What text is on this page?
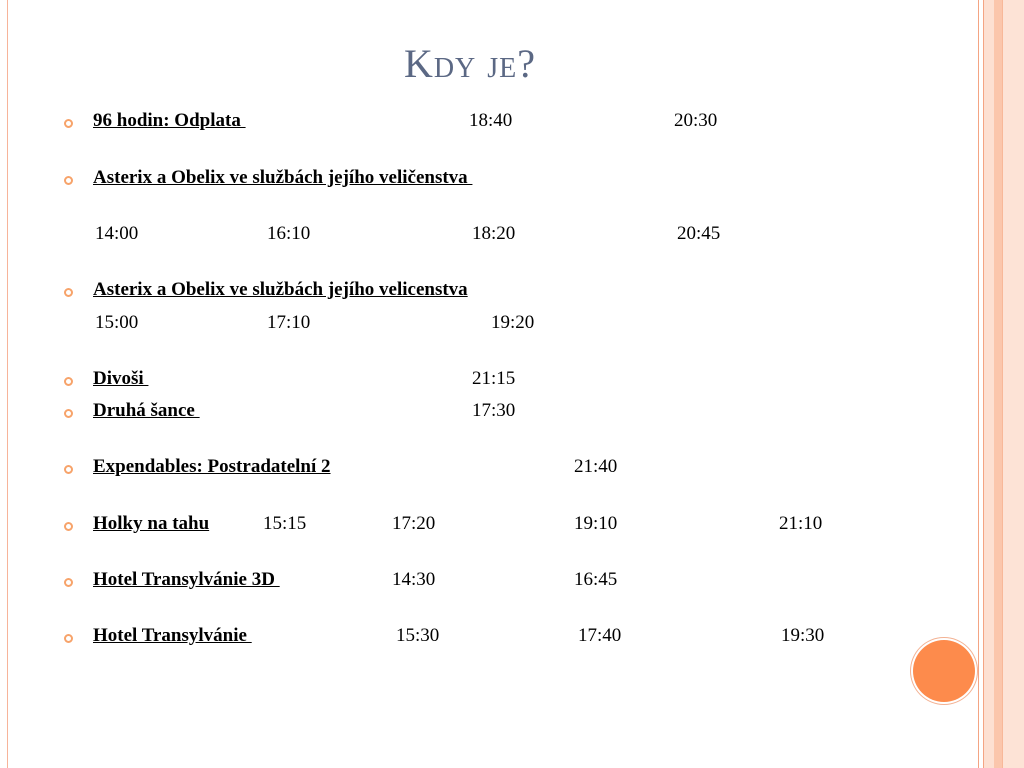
Kdy je?
96 hodin: Odplata	18:40	20:30
Asterix a Obelix ve službách jejího veličenstva
14:00	16:10	18:20	20:45
Asterix a Obelix ve službách jejího velicenstva
15:00	17:10	19:20
Divoši	21:15
Druhá šance	17:30
Expendables: Postradatelní 2	21:40
Holky na tahu	15:15	17:20	19:10	21:10
Hotel Transylvánie 3D	14:30	16:45
Hotel Transylvánie	15:30	17:40	19:30
